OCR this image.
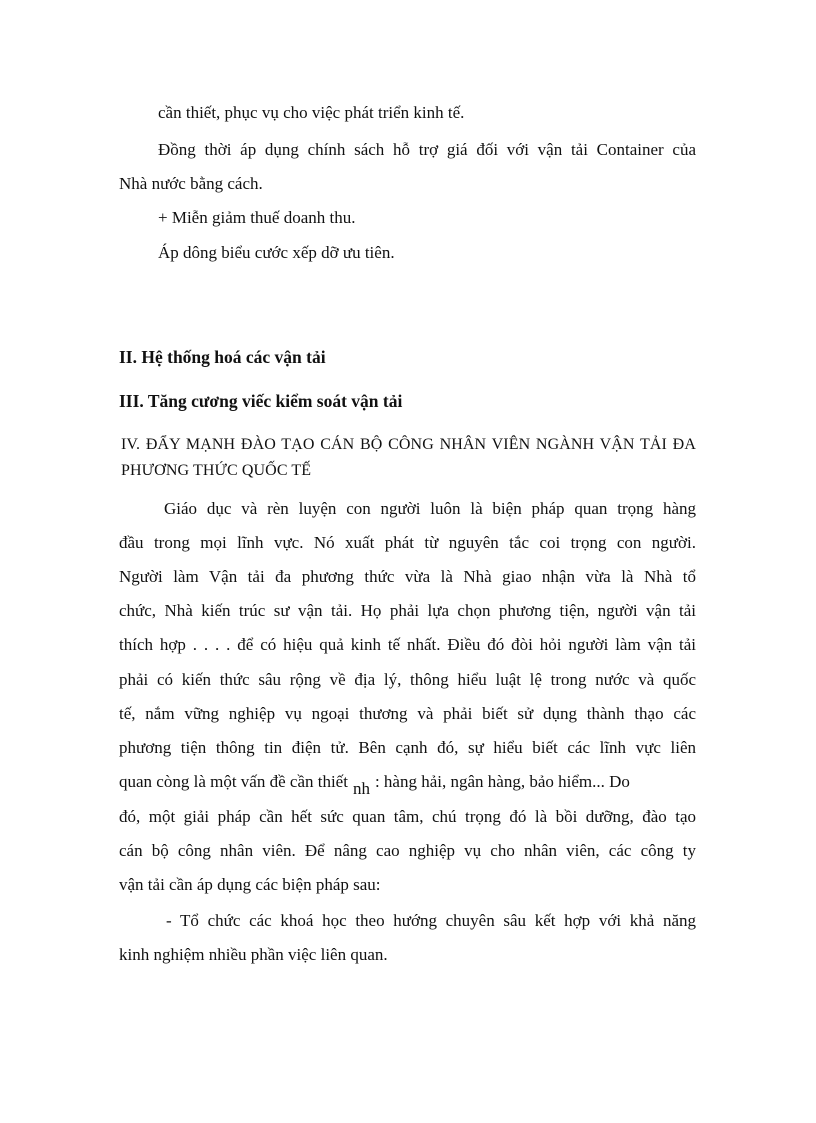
cần thiết, phục vụ cho việc phát triển kinh tế.

Đồng thời áp dụng chính sách hỗ trợ giá đối với vận tải Container của

Nhà nước bằng cách.

+ Miễn giảm thuế doanh thu.

Áp dông biểu cước xếp dỡ ưu tiên.

II. Hệ thống hoá các vận tải

III. Tăng cương viếc kiểm soát vận tải

IV. ĐẨY MẠNH ĐÀO TẠO CÁN BỘ CÔNG NHÂN VIÊN NGÀNH VẬN TẢI ĐA

PHƯƠNG THỨC QUỐC TẾ

Giáo dục và rèn luyện con người luôn là biện pháp quan trọng hàng

đầu trong mọi lĩnh vực. Nó xuất phát từ nguyên tắc coi trọng con người.

Người làm Vận tải đa phương thức vừa là Nhà giao nhận vừa là Nhà tổ

chức, Nhà kiến trúc sư vận tải. Họ phải lựa chọn phương tiện, người vận tải

thích hợp . . . . để có hiệu quả kinh tế nhất. Điều đó đòi hỏi người làm vận tải

phải có kiến thức sâu rộng về địa lý, thông hiểu luật lệ trong nước và quốc

tế, nắm vững nghiệp vụ ngoại thương và phải biết sử dụng thành thạo các

phương tiện thông tin điện tử. Bên cạnh đó, sự hiểu biết các lĩnh vực liên

quan còng là một vấn đề cần thiết nh : hàng hải, ngân hàng, bảo hiểm... Do

đó, một giải pháp cần hết sức quan tâm, chú trọng đó là bồi dưỡng, đào tạo

cán bộ công nhân viên. Để nâng cao nghiệp vụ cho nhân viên, các công ty

vận tải cần áp dụng các biện pháp sau:

- Tổ chức các khoá học theo hướng chuyên sâu kết hợp với khả năng

kinh nghiệm nhiều phần việc liên quan.
